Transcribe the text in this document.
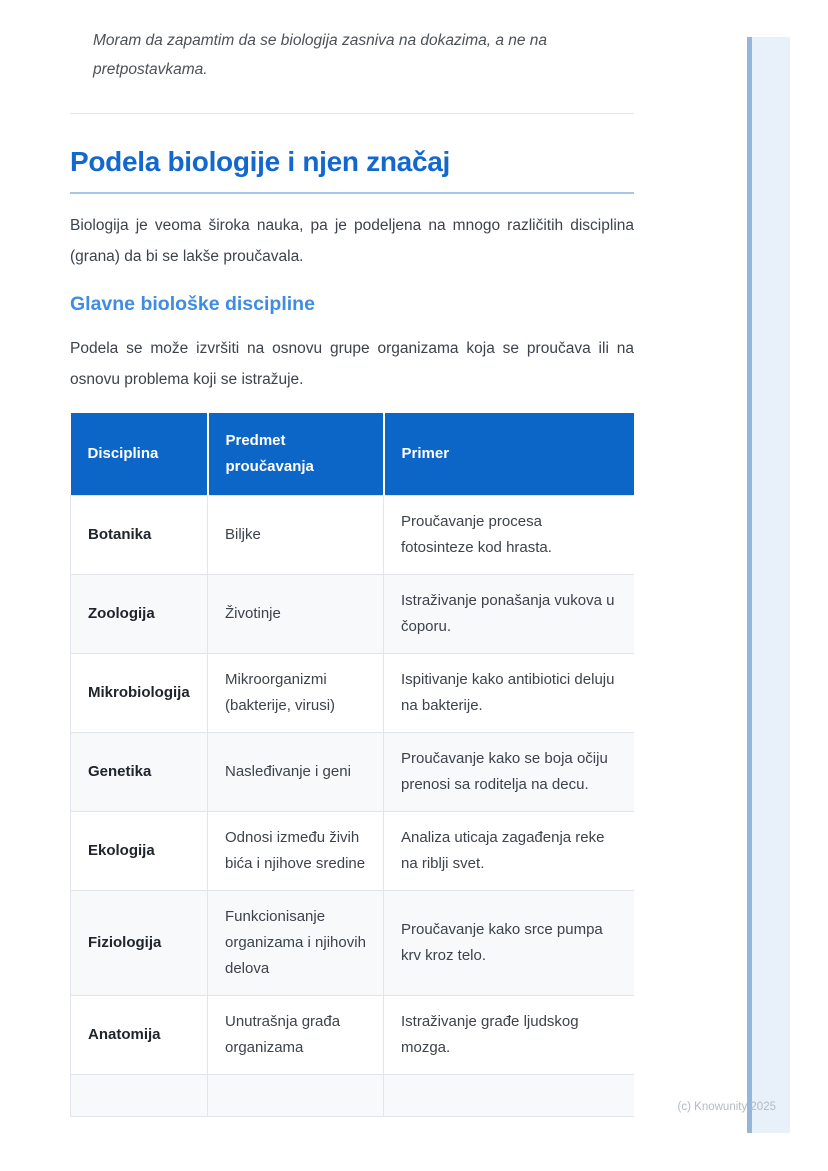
Moram da zapamtim da se biologija zasniva na dokazima, a ne na pretpostavkama.

Podela biologije i njen značaj

Biologija je veoma široka nauka, pa je podeljena na mnogo različitih disciplina (grana) da bi se lakše proučavala.

Glavne biološke discipline

Podela se može izvršiti na osnovu grupe organizama koja se proučava ili na osnovu problema koji se istražuje.

Disciplina	Predmet proučavanja	Primer
Botanika	Biljke	Proučavanje procesa fotosinteze kod hrasta.
Zoologija	Životinje	Istraživanje ponašanja vukova u čoporu.
Mikrobiologija	Mikroorganizmi (bakterije, virusi)	Ispitivanje kako antibiotici deluju na bakterije.
Genetika	Nasleđivanje i geni	Proučavanje kako se boja očiju prenosi sa roditelja na decu.
Ekologija	Odnosi između živih bića i njihove sredine	Analiza uticaja zagađenja reke na riblji svet.
Fiziologija	Funkcionisanje organizama i njihovih delova	Proučavanje kako srce pumpa krv kroz telo.
Anatomija	Unutrašnja građa organizama	Istraživanje građe ljudskog mozga.

(c) Knowunity 2025
